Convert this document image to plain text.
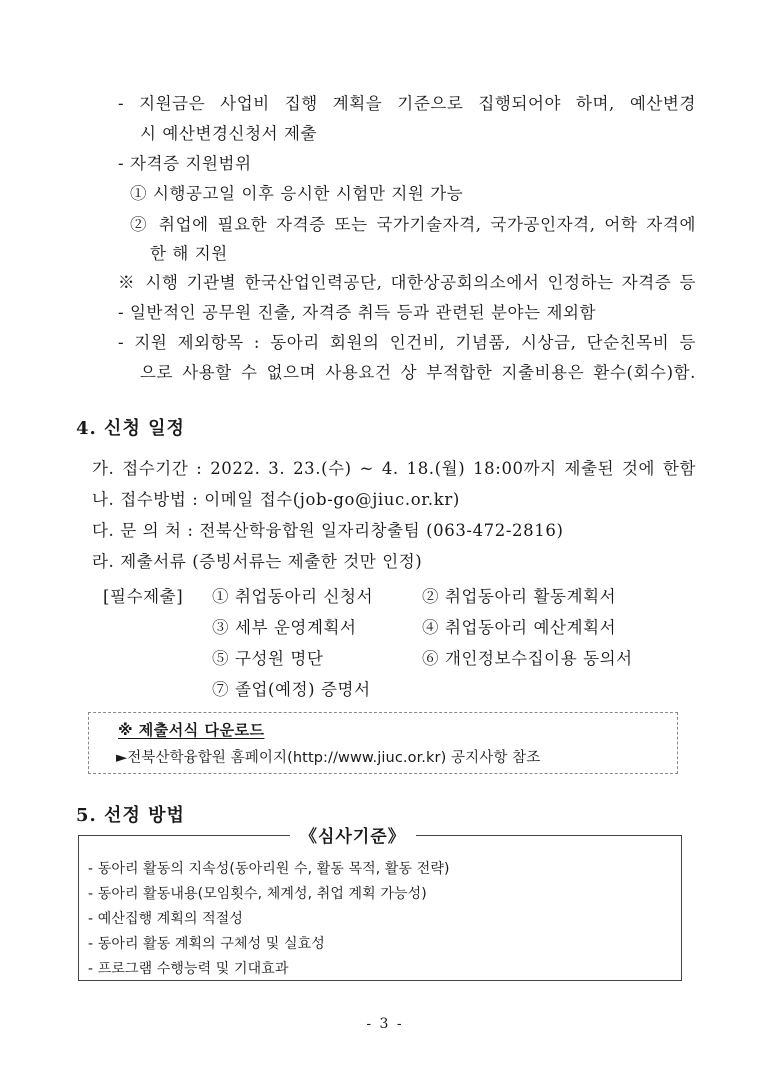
- 지원금은 사업비 집행 계획을 기준으로 집행되어야 하며, 예산변경
시 예산변경신청서 제출
- 자격증 지원범위
① 시행공고일 이후 응시한 시험만 지원 가능
② 취업에 필요한 자격증 또는 국가기술자격, 국가공인자격, 어학 자격에
한 해 지원
※ 시행 기관별 한국산업인력공단, 대한상공회의소에서 인정하는 자격증 등
- 일반적인 공무원 진출, 자격증 취득 등과 관련된 분야는 제외함
- 지원 제외항목 : 동아리 회원의 인건비, 기념품, 시상금, 단순친목비 등
으로 사용할 수 없으며 사용요건 상 부적합한 지출비용은 환수(회수)함.
4. 신청 일정
가. 접수기간 : 2022. 3. 23.(수) ~ 4. 18.(월) 18:00까지 제출된 것에 한함
나. 접수방법 : 이메일 접수(job-go@jiuc.or.kr)
다. 문 의 처 : 전북산학융합원 일자리창출팀 (063-472-2816)
라. 제출서류 (증빙서류는 제출한 것만 인정)
[필수제출] ① 취업동아리 신청서	② 취업동아리 활동계획서
③ 세부 운영계획서	④ 취업동아리 예산계획서
⑤ 구성원 명단	⑥ 개인정보수집이용 동의서
⑦ 졸업(예정) 증명서
※ 제출서식 다운로드
►전북산학융합원 홈페이지(http://www.jiuc.or.kr) 공지사항 참조
5. 선정 방법
《심사기준》
- 동아리 활동의 지속성(동아리원 수, 활동 목적, 활동 전략)
- 동아리 활동내용(모임횟수, 체계성, 취업 계획 가능성)
- 예산집행 계획의 적절성
- 동아리 활동 계획의 구체성 및 실효성
- 프로그램 수행능력 및 기대효과
- 3 -
